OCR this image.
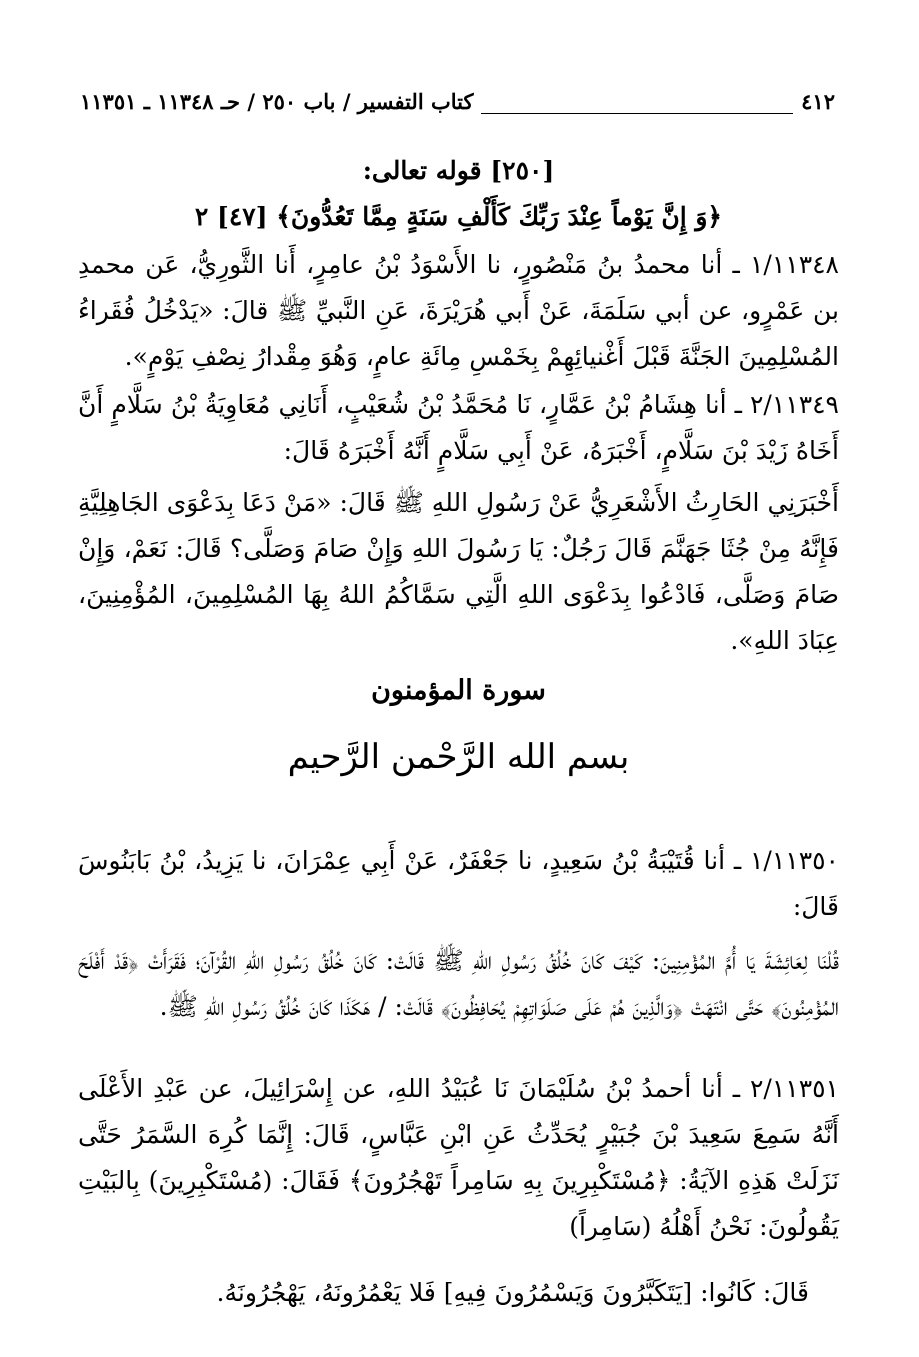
٤١٢
كتاب التفسير / باب ٢٥٠ / حـ ١١٣٤٨ ـ ١١٣٥١

[٢٥٠] قوله تعالى:

﴿وَ إِنَّ يَوْماً عِنْدَ رَبِّكَ كَأَلْفِ سَنَةٍ مِمَّا تَعُدُّونَ﴾ [٤٧] ٢

١/١١٣٤٨ ـ أنا محمدُ بنُ مَنْصُورٍ، نا الأَسْوَدُ بْنُ عامِرٍ، أَنا الثَّورِيُّ، عَن محمدِ بن عَمْرٍو، عن أبي سَلَمَةَ، عَنْ أَبي هُرَيْرَةَ، عَنِ النَّبيِّ ﷺ قالَ: «يَدْخُلُ فُقَراءُ المُسْلِمِينَ الجَنَّةَ قَبْلَ أَغْنيائِهِمْ بِخَمْسِ مِائَةِ عامٍ، وَهُوَ مِقْدارُ نِصْفِ يَوْمٍ».

٢/١١٣٤٩ ـ أنا هِشَامُ بْنُ عَمَّارٍ، نَا مُحَمَّدُ بْنُ شُعَيْبٍ، أَنَانِي مُعَاوِيَةُ بْنُ سَلَّامٍ أَنَّ أَخَاهُ زَيْدَ بْنَ سَلَّامٍ، أَخْبَرَهُ، عَنْ أَبِي سَلَّامٍ أَنَّهُ أَخْبَرَهُ قَالَ:

أَخْبَرَنِي الحَارِثُ الأَشْعَرِيُّ عَنْ رَسُولِ اللهِ ﷺ قَالَ: «مَنْ دَعَا بِدَعْوَى الجَاهِلِيَّةِ فَإِنَّهُ مِنْ جُثَا جَهَنَّمَ قَالَ رَجُلٌ: يَا رَسُولَ اللهِ وَإِنْ صَامَ وَصَلَّى؟ قَالَ: نَعَمْ، وَإِنْ صَامَ وَصَلَّى، فَادْعُوا بِدَعْوَى اللهِ الَّتِي سَمَّاكُمُ اللهُ بِهَا المُسْلِمِينَ، المُؤْمِنِينَ، عِبَادَ اللهِ».

سورة المؤمنون

بسم الله الرَّحْمن الرَّحيم

١/١١٣٥٠ ـ أنا قُتَيْبَةُ بْنُ سَعِيدٍ، نا جَعْفَرٌ، عَنْ أَبِي عِمْرَانَ، نا يَزِيدُ، بْنُ بَابَنُوسَ قَالَ:

قُلْنَا لِعَائِشَةَ يَا أُمَّ المُؤْمِنِينَ: كَيْفَ كَانَ خُلُقُ رَسُولِ اللهِ ﷺ قَالَتْ: كَانَ خُلُقُ رَسُولِ اللهِ القُرْآنَ؛ فَقَرَأَتْ ﴿قَدْ أَفْلَحَ المُؤْمِنُونَ﴾ حَتَّى انْتَهَتْ ﴿وَالَّذِينَ هُمْ عَلَى صَلَوَاتِهِمْ يُحَافِظُونَ﴾ قَالَتْ: / هَكَذَا كَانَ خُلُقُ رَسُولِ اللهِ ﷺ.

٢/١١٣٥١ ـ أنا أحمدُ بْنُ سُلَيْمَانَ نَا عُبَيْدُ اللهِ، عن إِسْرَائِيلَ، عن عَبْدِ الأَعْلَى أَنَّهُ سَمِعَ سَعِيدَ بْنَ جُبَيْرٍ يُحَدِّثُ عَنِ ابْنِ عَبَّاسٍ، قَالَ: إِنَّمَا كُرِهَ السَّمَرُ حَتَّى نَزَلَتْ هَذِهِ الآيَةُ: ﴿مُسْتَكْبِرِينَ بِهِ سَامِراً تَهْجُرُونَ﴾ فَقَالَ: (مُسْتَكْبِرِينَ) بِالبَيْتِ يَقُولُونَ: نَحْنُ أَهْلُهُ (سَامِراً)

قَالَ: كَانُوا: [يَتَكَبَّرُونَ وَيَسْمُرُونَ فِيهِ] فَلا يَعْمُرُونَهُ، يَهْجُرُونَهُ.
